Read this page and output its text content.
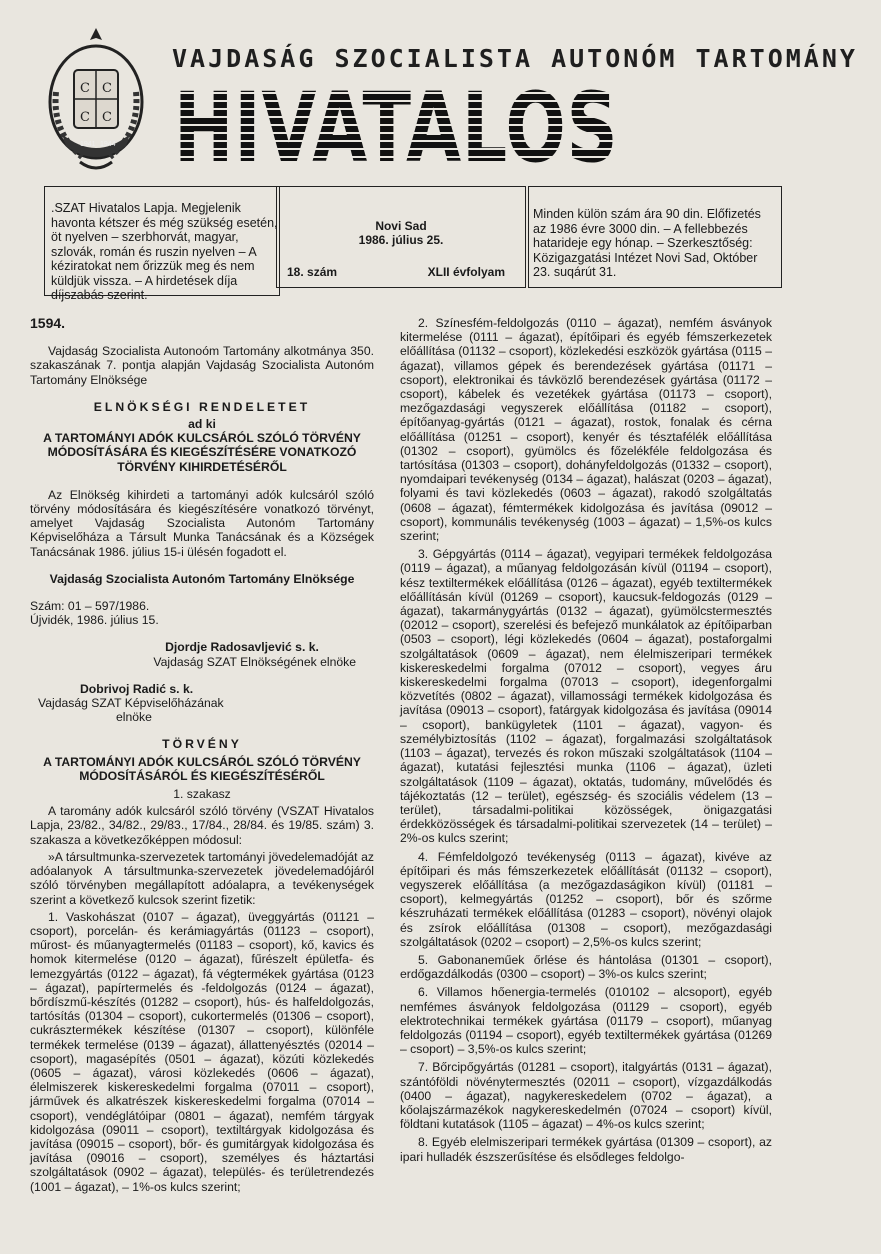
С С
С С
1941 1944
VAJDASÁG SZOCIALISTA AUTONÓM TARTOMÁNY
HIVATALOS LAPJA

.SZAT Hivatalos Lapja. Megjelenik havonta kétszer és még szükség esetén, öt nyelven – szerbhorvát, magyar, szlovák, román és ruszin nyelven – A kéziratokat nem őrizzük meg és nem küldjük vissza. – A hirdetések díja díjszabás szerint.

Novi Sad
1986. július 25.
18. szám	XLII évfolyam

Minden külön szám ára 90 din. Előfizetés az 1986 évre 3000 din. – A fellebbezés hatarideje egy hónap. – Szerkesztőség: Közigazgatási Intézet Novi Sad, Október 23. suqárút 31.

1594.

Vajdaság Szocialista Autonoóm Tartomány alkotmánya 350. szakaszának 7. pontja alapján Vajdaság Szocialista Autonóm Tartomány Elnöksége

ELNÖKSÉGI RENDELETET

ad ki

A TARTOMÁNYI ADÓK KULCSÁRÓL SZÓLÓ TÖRVÉNY MÓDOSÍTÁSÁRA ÉS KIEGÉSZÍTÉSÉRE VONATKOZÓ TÖRVÉNY KIHIRDETÉSÉRŐL

Az Elnökség kihirdeti a tartományi adók kulcsáról szóló törvény módosítására és kiegészítésére vonatkozó törvényt, amelyet Vajdaság Szocialista Autonóm Tartomány Képviselőháza a Társult Munka Tanácsának és a Községek Tanácsának 1986. július 15-i ülésén fogadott el.

Vajdaság Szocialista Autonóm Tartomány Elnöksége

Szám: 01 – 597/1986.

Újvidék, 1986. július 15.

Djordje Radosavljević s. k.

Vajdaság SZAT Elnökségének elnöke

Dobrivoj Radić s. k.

Vajdaság SZAT Képviselőházának

elnöke

TÖRVÉNY

A TARTOMÁNYI ADÓK KULCSÁRÓL SZÓLÓ TÖRVÉNY MÓDOSÍTÁSÁRÓL ÉS KIEGÉSZÍTÉSÉRŐL

1. szakasz

A taromány adók kulcsáról szóló törvény (VSZAT Hivatalos Lapja, 23/82., 34/82., 29/83., 17/84., 28/84. és 19/85. szám) 3. szakasza a következőképpen módosul:

»A társultmunka-szervezetek tartományi jövedelemadóját az adóalanyok A társultmunka-szervezetek jövedelemadójáról szóló törvényben megállapított adóalapra, a tevékenységek szerint a következő kulcsok szerint fizetik:

1. Vaskohászat (0107 – ágazat), üveggyártás (01121 – csoport), porcelán- és kerámiagyártás (01123 – csoport), műrost- és műanyagtermelés (01183 – csoport), kő, kavics és homok kitermelése (0120 – ágazat), fűrészelt épületfa- és lemezgyártás (0122 – ágazat), fá végtermékek gyártása (0123 – ágazat), papírtermelés és -feldolgozás (0124 – ágazat), bőrdíszmű-készítés (01282 – csoport), hús- és halfeldolgozás, tartósítás (01304 – csoport), cukortermelés (01306 – csoport), cukrásztermékek készítése (01307 – csoport), különféle termékek termelése (0139 – ágazat), állattenyésztés (02014 – csoport), magasépítés (0501 – ágazat), közúti közlekedés (0605 – ágazat), városi közlekedés (0606 – ágazat), élelmiszerek kiskereskedelmi forgalma (07011 – csoport), járművek és alkatrészek kiskereskedelmi forgalma (07014 – csoport), vendéglátóipar (0801 – ágazat), nemfém tárgyak kidolgozása (09011 – csoport), textiltárgyak kidolgozása és javítása (09015 – csoport), bőr- és gumitárgyak kidolgozása és javítása (09016 – csoport), személyes és háztartási szolgáltatások (0902 – ágazat), település- és területrendezés (1001 – ágazat), – 1%-os kulcs szerint;

2. Színesfém-feldolgozás (0110 – ágazat), nemfém ásványok kitermelése (0111 – ágazat), építőipari és egyéb fémszerkezetek előállítása (01132 – csoport), közlekedési eszközök gyártása (0115 – ágazat), villamos gépek és berendezések gyártása (01171 – csoport), elektronikai és távközlő berendezések gyártása (01172 – csoport), kábelek és vezetékek gyártása (01173 – csoport), mezőgazdasági vegyszerek előállítása (01182 – csoport), építőanyag-gyártás (0121 – ágazat), rostok, fonalak és cérna előállítása (01251 – csoport), kenyér és tésztafélék előállítása (01302 – csoport), gyümölcs és főzelékféle feldolgozása és tartósítása (01303 – csoport), dohányfeldolgozás (01332 – csoport), nyomdaipari tevékenység (0134 – ágazat), halászat (0203 – ágazat), folyami és tavi közlekedés (0603 – ágazat), rakodó szolgáltatás (0608 – ágazat), fémtermékek kidolgozása és javítása (09012 – csoport), kommunális tevékenység (1003 – ágazat) – 1,5%-os kulcs szerint;

3. Gépgyártás (0114 – ágazat), vegyipari termékek feldolgozása (0119 – ágazat), a műanyag feldolgozásán kívül (01194 – csoport), kész textiltermékek előállítása (0126 – ágazat), egyéb textiltermékek előállításán kívül (01269 – csoport), kaucsuk-feldogozás (0129 – ágazat), takarmánygyártás (0132 – ágazat), gyümölcstermesztés (02012 – csoport), szerelési és befejező munkálatok az építőiparban (0503 – csoport), légi közlekedés (0604 – ágazat), postaforgalmi szolgáltatások (0609 – ágazat), nem élelmiszeripari termékek kiskereskedelmi forgalma (07012 – csoport), vegyes áru kiskereskedelmi forgalma (07013 – csoport), idegenforgalmi közvetítés (0802 – ágazat), villamossági termékek kidolgozása és javítása (09013 – csoport), fatárgyak kidolgozása és javítása (09014 – csoport), bankügyletek (1101 – ágazat), vagyon- és személybiztosítás (1102 – ágazat), forgalmazási szolgáltatások (1103 – ágazat), tervezés és rokon műszaki szolgáltatások (1104 – ágazat), kutatási fejlesztési munka (1106 – ágazat), üzleti szolgáltatások (1109 – ágazat), oktatás, tudomány, művelődés és tájékoztatás (12 – terület), egészség- és szociális védelem (13 – terület), társadalmi-politikai közösségek, önigazgatási érdekközösségek és társadalmi-politikai szervezetek (14 – terület) – 2%-os kulcs szerint;

4. Fémfeldolgozó tevékenység (0113 – ágazat), kivéve az építőipari és más fémszerkezetek előállítását (01132 – csoport), vegyszerek előállítása (a mezőgazdaságikon kívül) (01181 – csoport), kelmegyártás (01252 – csoport), bőr és szőrme készruházati termékek előállítása (01283 – csoport), növényi olajok és zsírok előállítása (01308 – csoport), mezőgazdasági szolgáltatások (0202 – csoport) – 2,5%-os kulcs szerint;

5. Gabonaneműek őrlése és hántolása (01301 – csoport), erdőgazdálkodás (0300 – csoport) – 3%-os kulcs szerint;

6. Villamos hőenergia-termelés (010102 – alcsoport), egyéb nemfémes ásványok feldolgozása (01129 – csoport), egyéb elektrotechnikai termékek gyártása (01179 – csoport), műanyag feldolgozás (01194 – csoport), egyéb textiltermékek gyártása (01269 – csoport) – 3,5%-os kulcs szerint;

7. Bőrcipőgyártás (01281 – csoport), italgyártás (0131 – ágazat), szántóföldi növénytermesztés (02011 – csoport), vízgazdálkodás (0400 – ágazat), nagykereskedelem (0702 – ágazat), a kőolajszármazékok nagykereskedelmén (07024 – csoport) kívül, földtani kutatások (1105 – ágazat) – 4%-os kulcs szerint;

8. Egyéb elelmiszeripari termékek gyártása (01309 – csoport), az ipari hulladék észszerűsítése és elsődleges feldolgo-
